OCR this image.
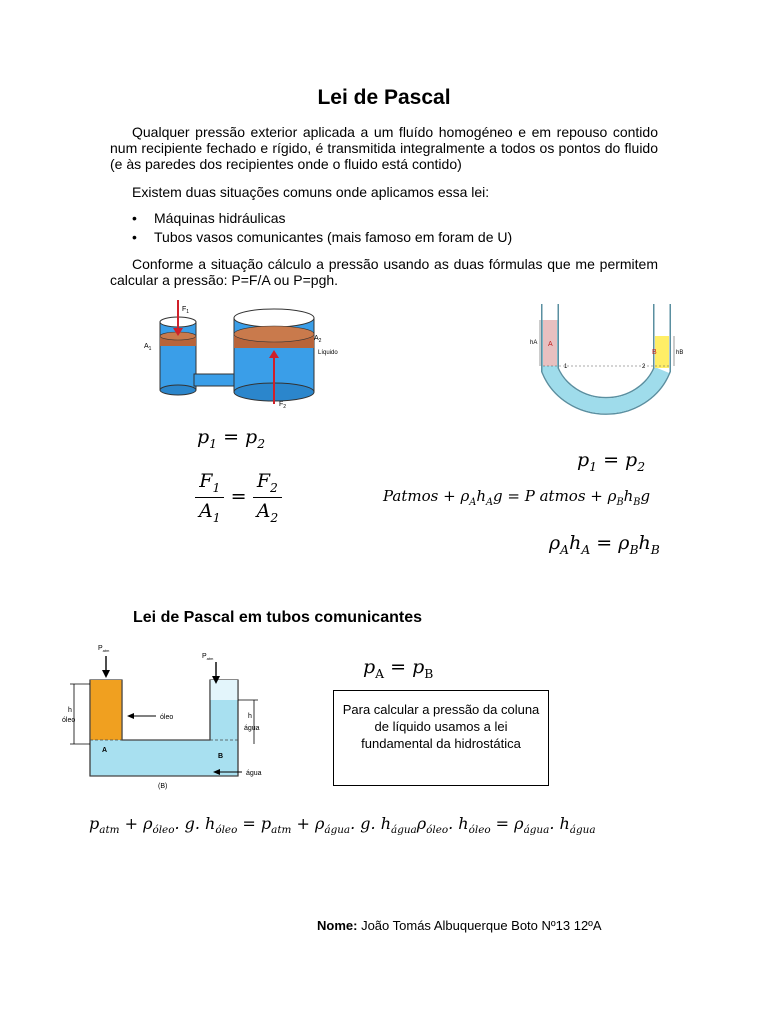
Lei de Pascal
Qualquer pressão exterior aplicada a um fluído homogéneo e em repouso contido num recipiente fechado e rígido, é transmitida integralmente a todos os pontos do fluido (e às paredes dos recipientes onde o fluido está contido)
Existem duas situações comuns onde aplicamos essa lei:
• Máquinas hidráulicas
• Tubos vasos comunicantes (mais famoso em foram de U)
Conforme a situação cálculo a pressão usando as duas fórmulas que me permitem calcular a pressão: P=F/A ou P=pgh.
$F_1$
$A_1$
$A_2$
Líquido
$F_2$
A
B
hA
hB
1	2
$p_1 = p_2$
$\frac{F_1}{A_1} = \frac{F_2}{A_2}$
$p_1 = p_2$
Patmos + $\rho_Ah_Ag = P$ atmos + $\rho_Bh_Bg$
$\rho_Ah_A = \rho_Bh_B$
Lei de Pascal em tubos comunicantes
$P_{atm}$
$P_{atm}$
h
óleo	óleo	h
água
água
A
B
(B)
$p_A = p_B$
Para calcular a pressão da coluna de líquido usamos a lei fundamental da hidrostática
$p_{atm} + \rho_{óleo}$. g. $h_{óleo} = p_{atm} + \rho_{água}$. g. $h_{água}\rho_{óleo}$. $h_{óleo} = \rho_{água}$. $h_{água}$
Nome: João Tomás Albuquerque Boto Nº13 12ºA
